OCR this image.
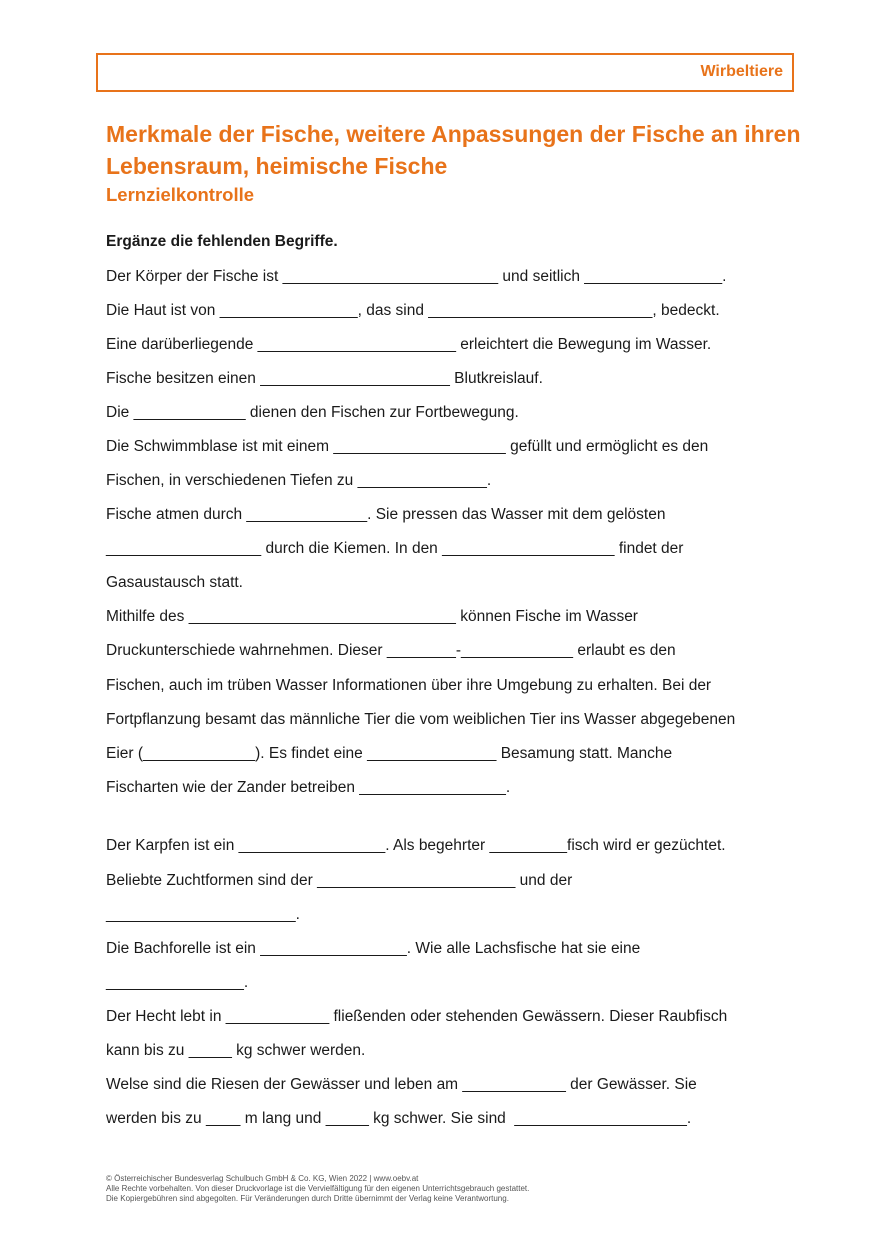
Wirbeltiere
Merkmale der Fische, weitere Anpassungen der Fische an ihren Lebensraum, heimische Fische
Lernzielkontrolle
Ergänze die fehlenden Begriffe.
Der Körper der Fische ist _________________________ und seitlich ________________.
Die Haut ist von ________________, das sind __________________________, bedeckt.
Eine darüberliegende _______________________ erleichtert die Bewegung im Wasser.
Fische besitzen einen ______________________ Blutkreislauf.
Die _____________ dienen den Fischen zur Fortbewegung.
Die Schwimmblase ist mit einem ____________________ gefüllt und ermöglicht es den
Fischen, in verschiedenen Tiefen zu _______________.
Fische atmen durch ______________. Sie pressen das Wasser mit dem gelösten
__________________ durch die Kiemen. In den ____________________ findet der
Gasaustausch statt.
Mithilfe des _______________________________ können Fische im Wasser
Druckunterschiede wahrnehmen. Dieser ________-_____________ erlaubt es den
Fischen, auch im trüben Wasser Informationen über ihre Umgebung zu erhalten. Bei der
Fortpflanzung besamt das männliche Tier die vom weiblichen Tier ins Wasser abgegebenen
Eier (_____________). Es findet eine _______________ Besamung statt. Manche
Fischarten wie der Zander betreiben _________________.
Der Karpfen ist ein _________________. Als begehrter _________fisch wird er gezüchtet.
Beliebte Zuchtformen sind der _______________________ und der
______________________.
Die Bachforelle ist ein _________________. Wie alle Lachsfische hat sie eine
________________.
Der Hecht lebt in ____________ fließenden oder stehenden Gewässern. Dieser Raubfisch
kann bis zu _____ kg schwer werden.
Welse sind die Riesen der Gewässer und leben am ____________ der Gewässer. Sie
werden bis zu ____ m lang und _____ kg schwer. Sie sind  ____________________.
© Österreichischer Bundesverlag Schulbuch GmbH & Co. KG, Wien 2022 | www.oebv.at
Alle Rechte vorbehalten. Von dieser Druckvorlage ist die Vervielfältigung für den eigenen Unterrichtsgebrauch gestattet.
Die Kopiergebühren sind abgegolten. Für Veränderungen durch Dritte übernimmt der Verlag keine Verantwortung.
